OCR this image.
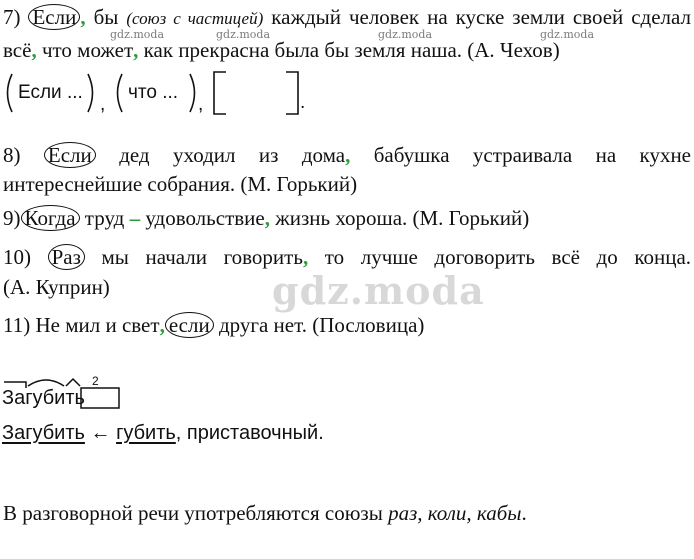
7) Если , бы (союз с частицей) каждый человек на куске земли своей сделал
всё, что может, как прекрасна была бы земля наша. (А. Чехов)
gdz.moda	gdz.moda	gdz.moda	gdz.moda
Если ...
,
что ...
,	.
8) Если дед уходил из дома, бабушка устраивала на кухне
интереснейшие собрания. (М. Горький)
9) Когда труд – удовольствие, жизнь хороша. (М. Горький)
10) Раз мы начали говорить, то лучше договорить всё до конца.
(А. Куприн)	gdz.moda
11) Не мил и свет, если друга нет. (Пословица)
Загубить
2
Загубить ← губить, приставочный.
В разговорной речи употребляются союзы раз, коли, кабы.
